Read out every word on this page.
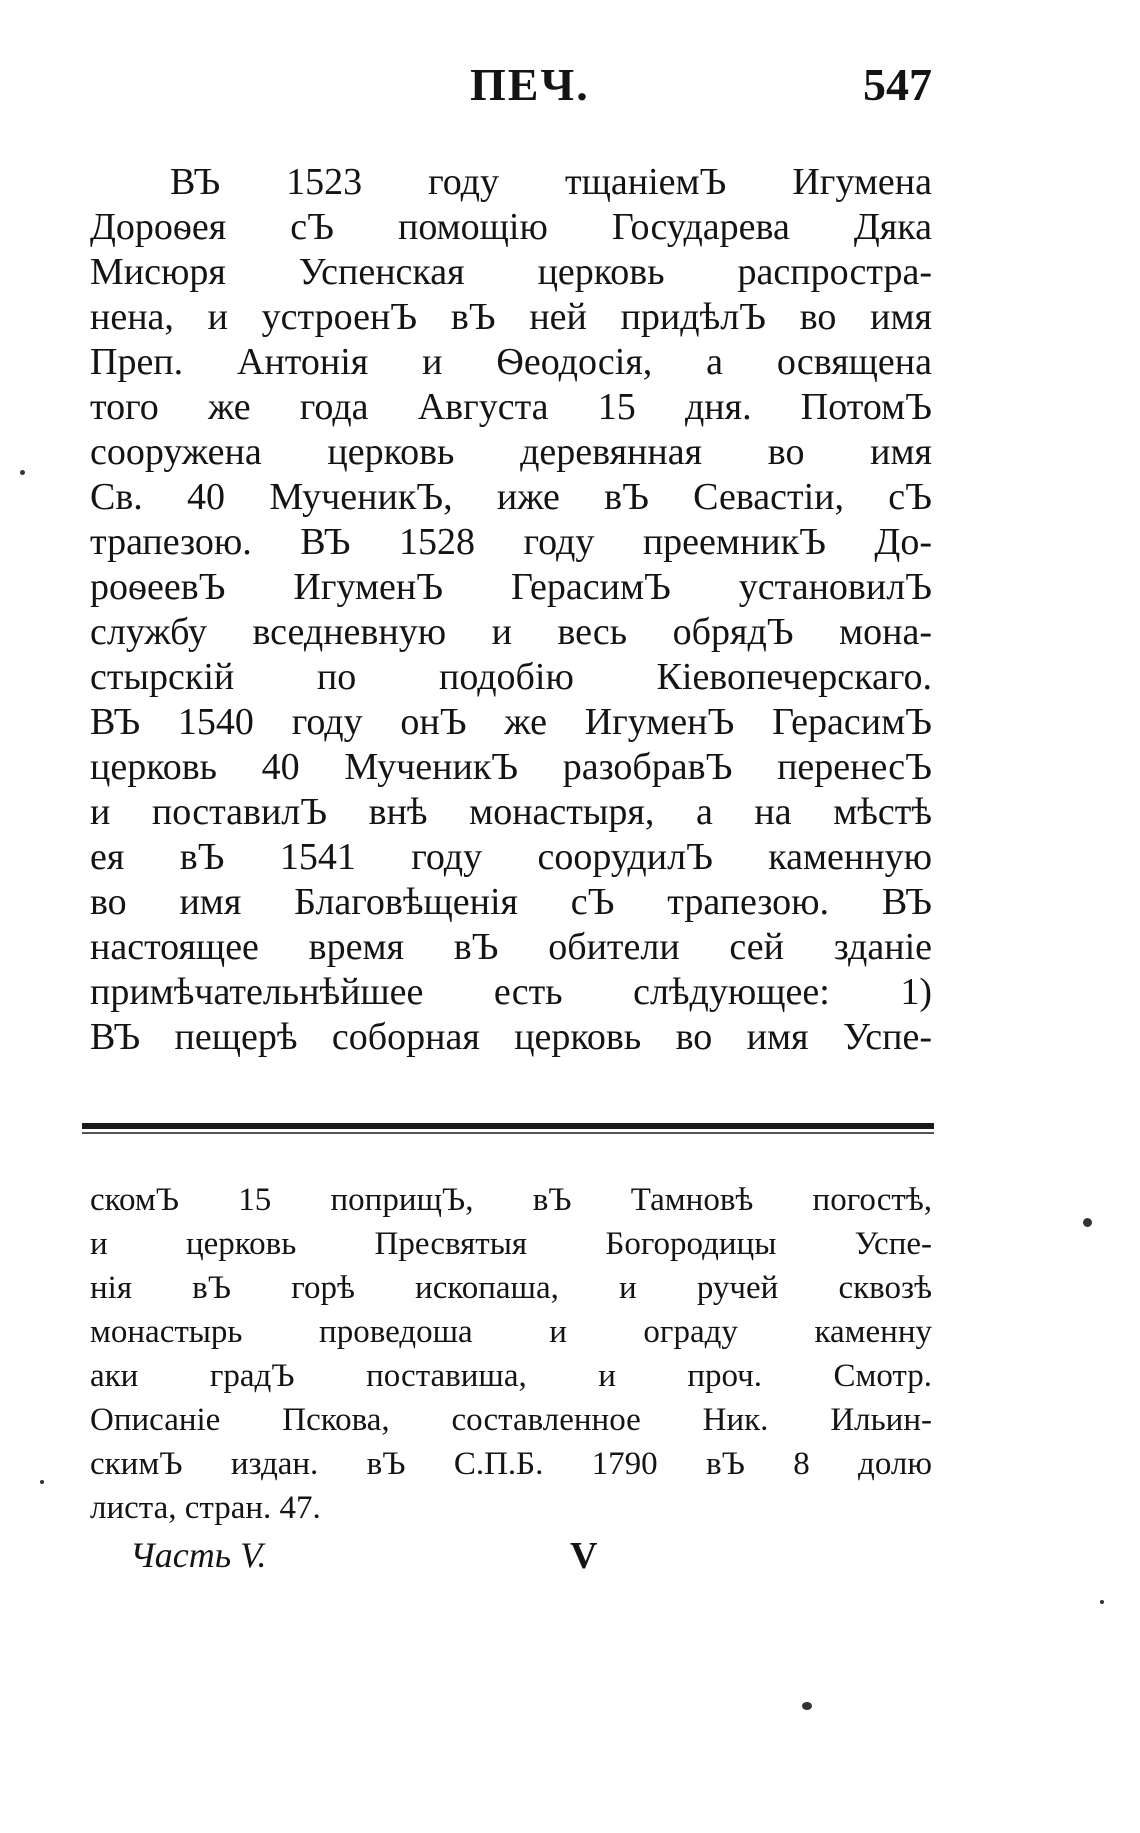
ПЕЧ.	547
ВЪ 1523 году тщаніемЪ Игумена
Дороѳея сЪ помощію Государева Дяка
Мисюря Успенская церковь распростра-
нена, и устроенЪ вЪ ней придѣлЪ во имя
Преп. Антонія и Ѳеодосія, а освящена
того же года Августа 15 дня. ПотомЪ
сооружена церковь деревянная во имя
Св. 40 МученикЪ, иже вЪ Севастіи, сЪ
трапезою. ВЪ 1528 году преемникЪ До-
роѳеевЪ ИгуменЪ ГерасимЪ установилЪ
службу вседневную и весь обрядЪ мона-
стырскій по подобію Кіевопечерскаго.
ВЪ 1540 году онЪ же ИгуменЪ ГерасимЪ
церковь 40 МученикЪ разобравЪ перенесЪ
и поставилЪ внѣ монастыря, а на мѣстѣ
ея вЪ 1541 году соорудилЪ каменную
во имя Благовѣщенія сЪ трапезою. ВЪ
настоящее время вЪ обители сей зданіе
примѣчательнѣйшее есть слѣдующее: 1)
ВЪ пещерѣ соборная церковь во имя Успе-
скомЪ 15 поприщЪ, вЪ Тамновѣ погостѣ,
и церковь Пресвятыя Богородицы Успе-
нія вЪ горѣ ископаша, и ручей сквозѣ
монастырь проведоша и ограду каменну
аки градЪ поставиша, и проч. Смотр.
Описаніе Пскова, составленное Ник. Ильин-
скимЪ издан. вЪ С.П.Б. 1790 вЪ 8 долю
листа, стран. 47.
Часть V.	V
